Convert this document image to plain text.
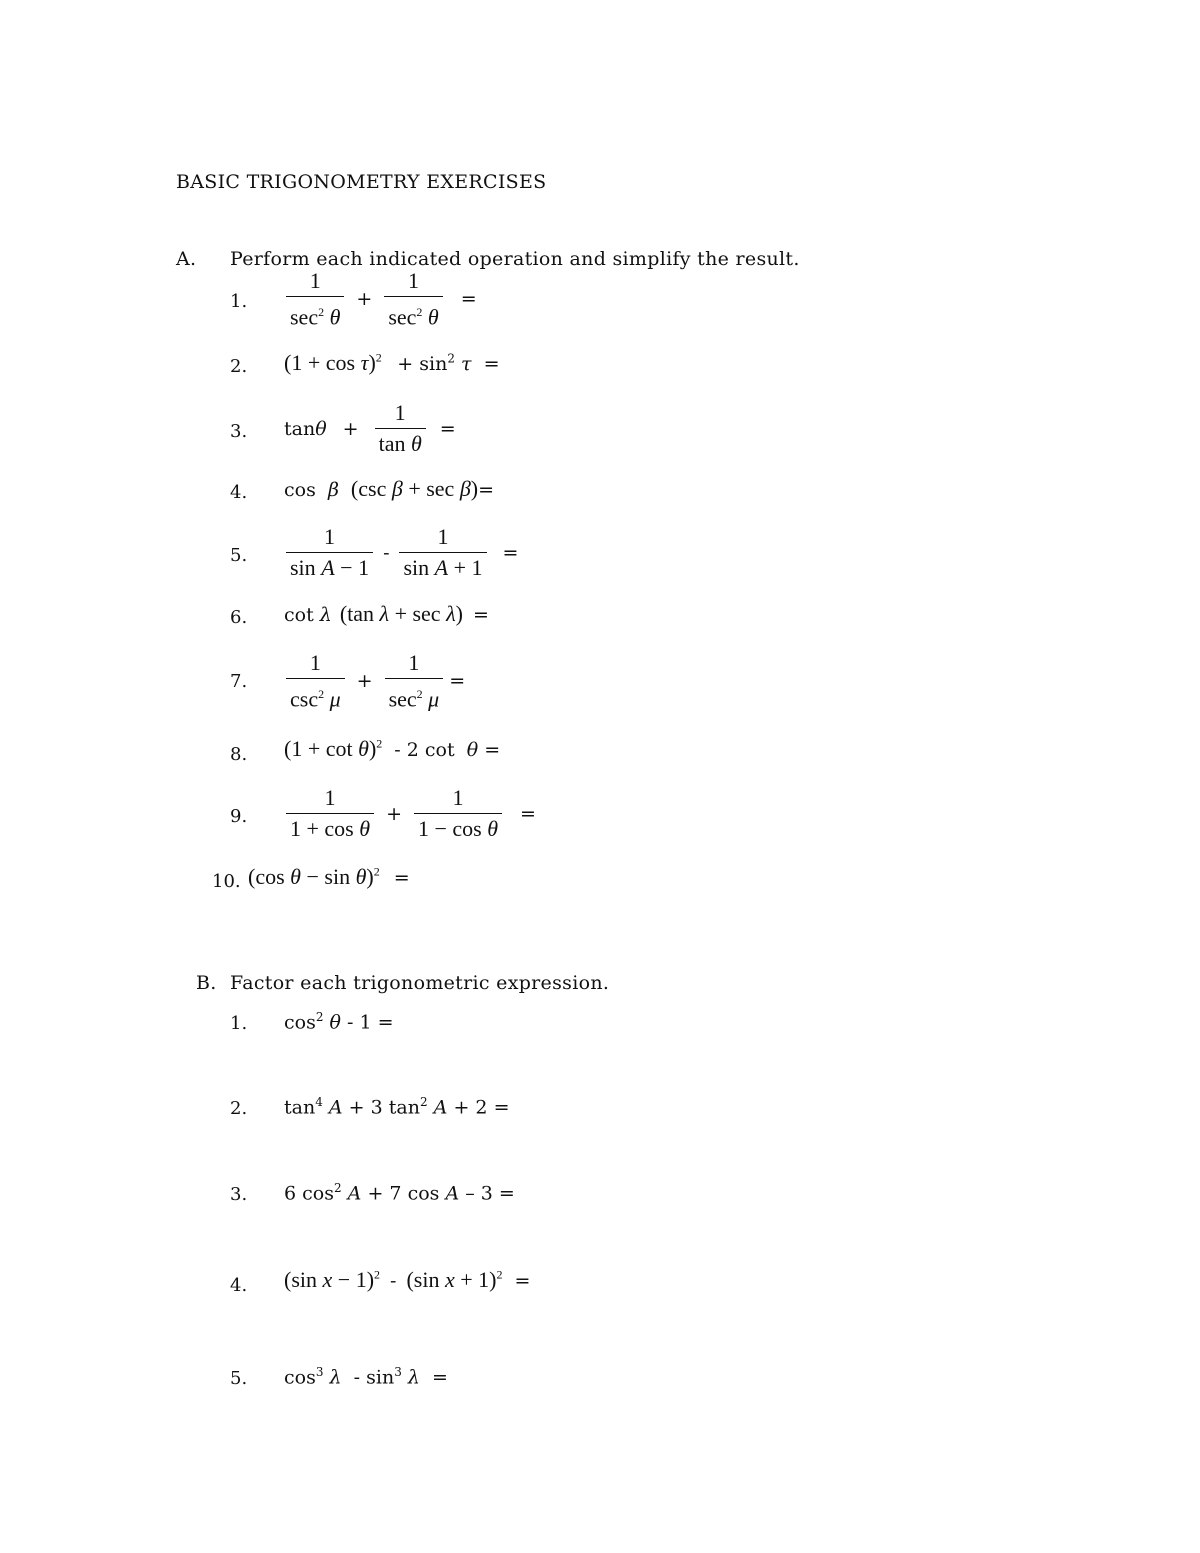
BASIC TRIGONOMETRY EXERCISES
A. Perform each indicated operation and simplify the result.
1. $\frac{1}{\sec^2 \theta} + \frac{1}{\sec^2 \theta}$ =
2. $(1 + \cos \tau)^2 + \sin^2 \tau$ =
3. $\tan\theta + \frac{1}{\text{tan θ}}$ =
4. cos β (csc β + sec β)=
5. $\frac{1}{\text{sin A − 1}} - \frac{1}{\text{sin A + 1}}$ =
6. cot λ (tan λ + sec λ) =
7. $\frac{1}{\csc^2 \mu} + \frac{1}{\sec^2 \mu}$ =
8. $(1 + \cot \theta)^2 - 2$ cot θ =
9. $\frac{1}{\text{1 + cos θ}} + \frac{1}{\text{1 − cos θ}}$ =
10. (cos θ − sin θ)$^2$ =
B. Factor each trigonometric expression.
1. $\cos^2 \theta - 1$ =
2. $\tan^4 A + 3$ $\tan^2 A + 2$ =
3. 6 $\cos^2 A + 7$ cos A – 3 =
4. (sin x − 1)$^2$ - (sin x + 1)$^2$ =
5. $\cos^3 \lambda - \sin^3 \lambda$ =
